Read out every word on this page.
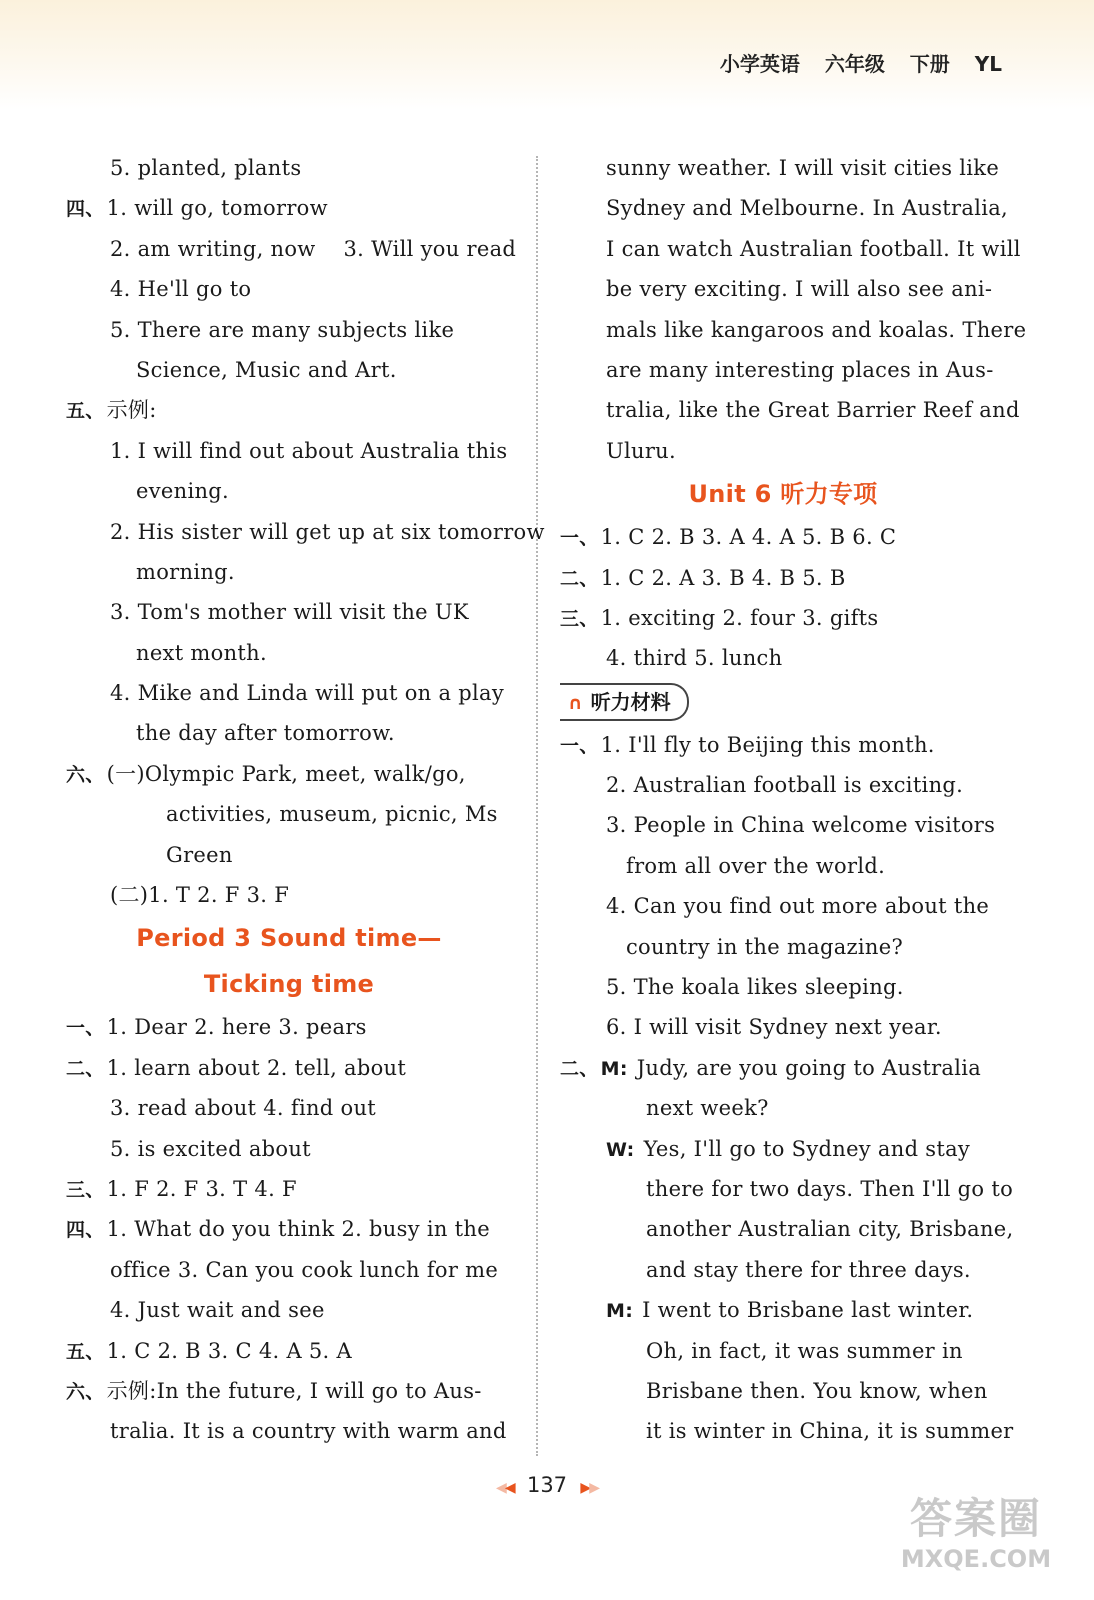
小学英语 六年级 下册 YL
5. planted, plants
四、1. will go, tomorrow
2. am writing, now 3. Will you read
4. He'll go to
5. There are many subjects like
Science, Music and Art.
五、示例:
1. I will find out about Australia this
evening.
2. His sister will get up at six tomorrow
morning.
3. Tom's mother will visit the UK
next month.
4. Mike and Linda will put on a play
the day after tomorrow.
六、(一)Olympic Park, meet, walk/go,
activities, museum, picnic, Ms
Green
(二)1. T 2. F 3. F
Period 3 Sound time—
Ticking time
一、1. Dear 2. here 3. pears
二、1. learn about 2. tell, about
3. read about 4. find out
5. is excited about
三、1. F 2. F 3. T 4. F
四、1. What do you think 2. busy in the
office 3. Can you cook lunch for me
4. Just wait and see
五、1. C 2. B 3. C 4. A 5. A
六、示例:In the future, I will go to Aus-
tralia. It is a country with warm and
sunny weather. I will visit cities like
Sydney and Melbourne. In Australia,
I can watch Australian football. It will
be very exciting. I will also see ani-
mals like kangaroos and koalas. There
are many interesting places in Aus-
tralia, like the Great Barrier Reef and
Uluru.
Unit 6 听力专项
一、1. C 2. B 3. A 4. A 5. B 6. C
二、1. C 2. A 3. B 4. B 5. B
三、1. exciting 2. four 3. gifts
4. third 5. lunch
∩ 听力材料
一、1. I'll fly to Beijing this month.
2. Australian football is exciting.
3. People in China welcome visitors
from all over the world.
4. Can you find out more about the
country in the magazine?
5. The koala likes sleeping.
6. I will visit Sydney next year.
二、 M: Judy, are you going to Australia
next week?
W: Yes, I'll go to Sydney and stay
there for two days. Then I'll go to
another Australian city, Brisbane,
and stay there for three days.
M: I went to Brisbane last winter.
Oh, in fact, it was summer in
Brisbane then. You know, when
it is winter in China, it is summer
◀◀ 137 ▶▶
答案圈
MXQE.COM
